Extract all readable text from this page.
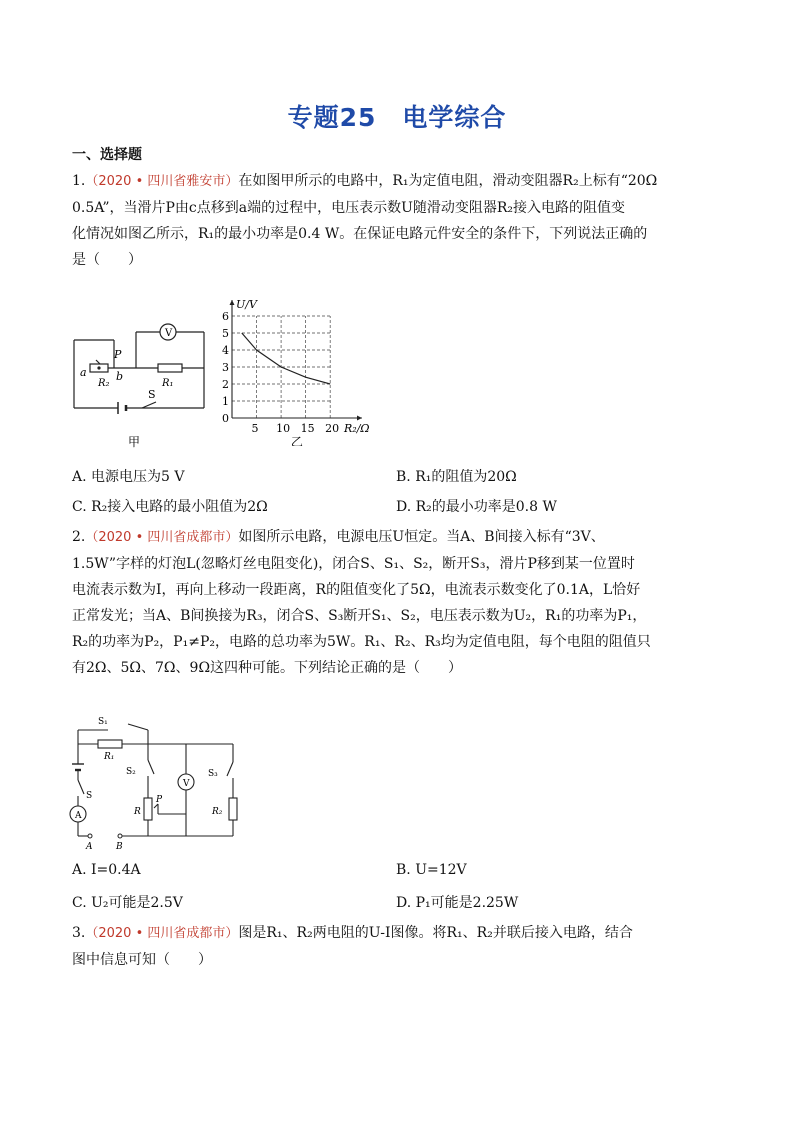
专题25　电学综合
一、选择题
1.（2020 • 四川省雅安市）在如图甲所示的电路中，R₁为定值电阻，滑动变阻器R₂上标有“20Ω
0.5A”，当滑片P由c点移到a端的过程中，电压表示数U随滑动变阻器R₂接入电路的阻值变
化情况如图乙所示，R₁的最小功率是0.4 W。在保证电路元件安全的条件下，下列说法正确的
是（　　）
V
P
a	b
R₂	R₁
S
甲
0
1
2
3
4
5
6
5 10 15 20
U/V
R₂/Ω
乙
A. 电源电压为5 V	B. R₁的阻值为20Ω
C. R₂接入电路的最小阻值为2Ω	D. R₂的最小功率是0.8 W
2.（2020 • 四川省成都市）如图所示电路，电源电压U恒定。当A、B间接入标有“3V、
1.5W”字样的灯泡L(忽略灯丝电阻变化)，闭合S、S₁、S₂，断开S₃，滑片P移到某一位置时
电流表示数为I，再向上移动一段距离，R的阻值变化了5Ω，电流表示数变化了0.1A，L恰好
正常发光；当A、B间换接为R₃，闭合S、S₃断开S₁、S₂，电压表示数为U₂，R₁的功率为P₁，
R₂的功率为P₂，P₁≠P₂，电路的总功率为5W。R₁、R₂、R₃均为定值电阻，每个电阻的阻值只
有2Ω、5Ω、7Ω、9Ω这四种可能。下列结论正确的是（　　）
S₁
R₁
S₂	S₃
V
S
A	R
P
R₂
A	B
A. I=0.4A	B. U=12V
C. U₂可能是2.5V	D. P₁可能是2.25W
3.（2020 • 四川省成都市）图是R₁、R₂两电阻的U-I图像。将R₁、R₂并联后接入电路，结合
图中信息可知（　　）
